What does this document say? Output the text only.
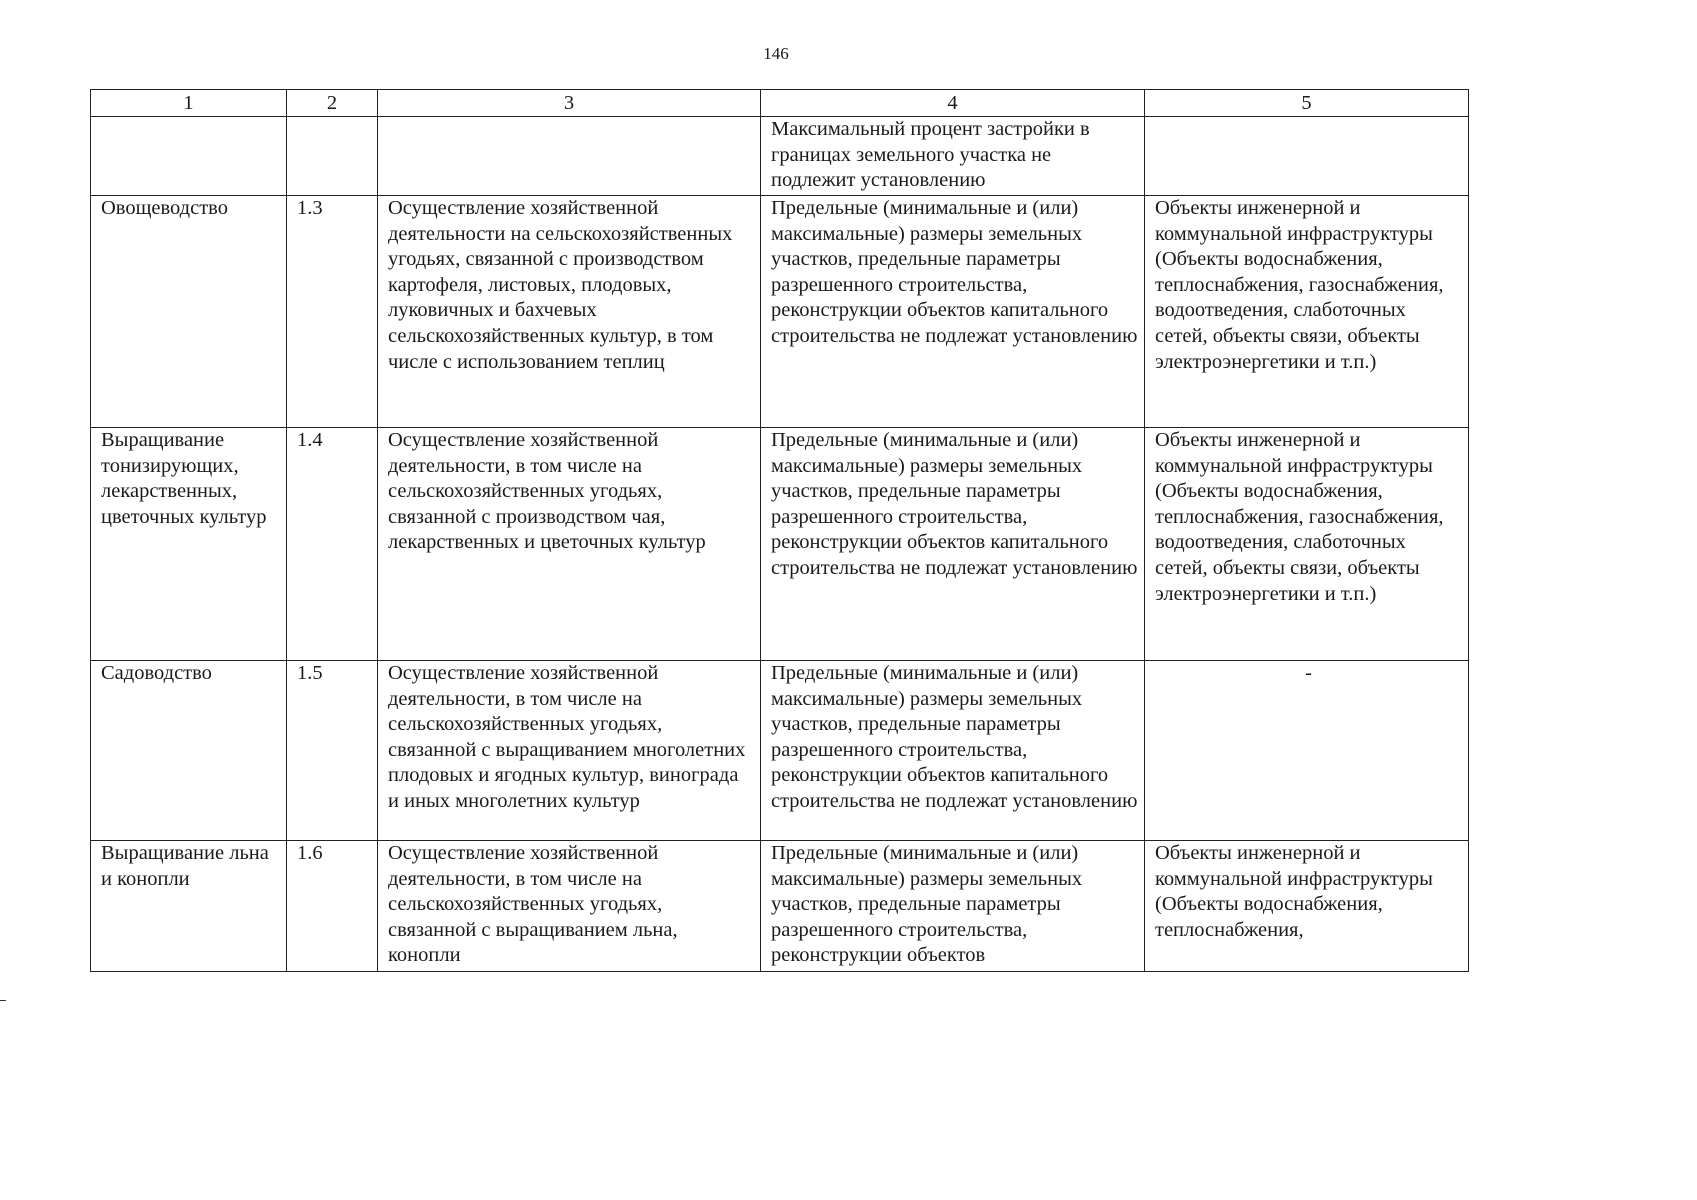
146
1	2	3	4	5
			Максимальный процент застройки в границах земельного участка не подлежит установлению	
Овощеводство	1.3	Осуществление хозяйственной деятельности на сельскохозяйственных угодьях, связанной с производством картофеля, листовых, плодовых, луковичных и бахчевых сельскохозяйственных культур, в том числе с использованием теплиц	Предельные (минимальные и (или) максимальные) размеры земельных участков, предельные параметры разрешенного строительства, реконструкции объектов капитального строительства не подлежат установлению	Объекты инженерной и коммунальной инфраструктуры (Объекты водоснабжения, теплоснабжения, газоснабжения, водоотведения, слаботочных сетей, объекты связи, объекты электроэнергетики и т.п.)
Выращивание тонизирующих, лекарственных, цветочных культур	1.4	Осуществление хозяйственной деятельности, в том числе на сельскохозяйственных угодьях, связанной с производством чая, лекарственных и цветочных культур	Предельные (минимальные и (или) максимальные) размеры земельных участков, предельные параметры разрешенного строительства, реконструкции объектов капитального строительства не подлежат установлению	Объекты инженерной и коммунальной инфраструктуры (Объекты водоснабжения, теплоснабжения, газоснабжения, водоотведения, слаботочных сетей, объекты связи, объекты электроэнергетики и т.п.)
Садоводство	1.5	Осуществление хозяйственной деятельности, в том числе на сельскохозяйственных угодьях, связанной с выращиванием многолетних плодовых и ягодных культур, винограда и иных многолетних культур	Предельные (минимальные и (или) максимальные) размеры земельных участков, предельные параметры разрешенного строительства, реконструкции объектов капитального строительства не подлежат установлению	-
Выращивание льна и конопли	1.6	Осуществление хозяйственной деятельности, в том числе на сельскохозяйственных угодьях, связанной с выращиванием льна, конопли	Предельные (минимальные и (или) максимальные) размеры земельных участков, предельные параметры разрешенного строительства, реконструкции объектов	Объекты инженерной и коммунальной инфраструктуры (Объекты водоснабжения, теплоснабжения,
